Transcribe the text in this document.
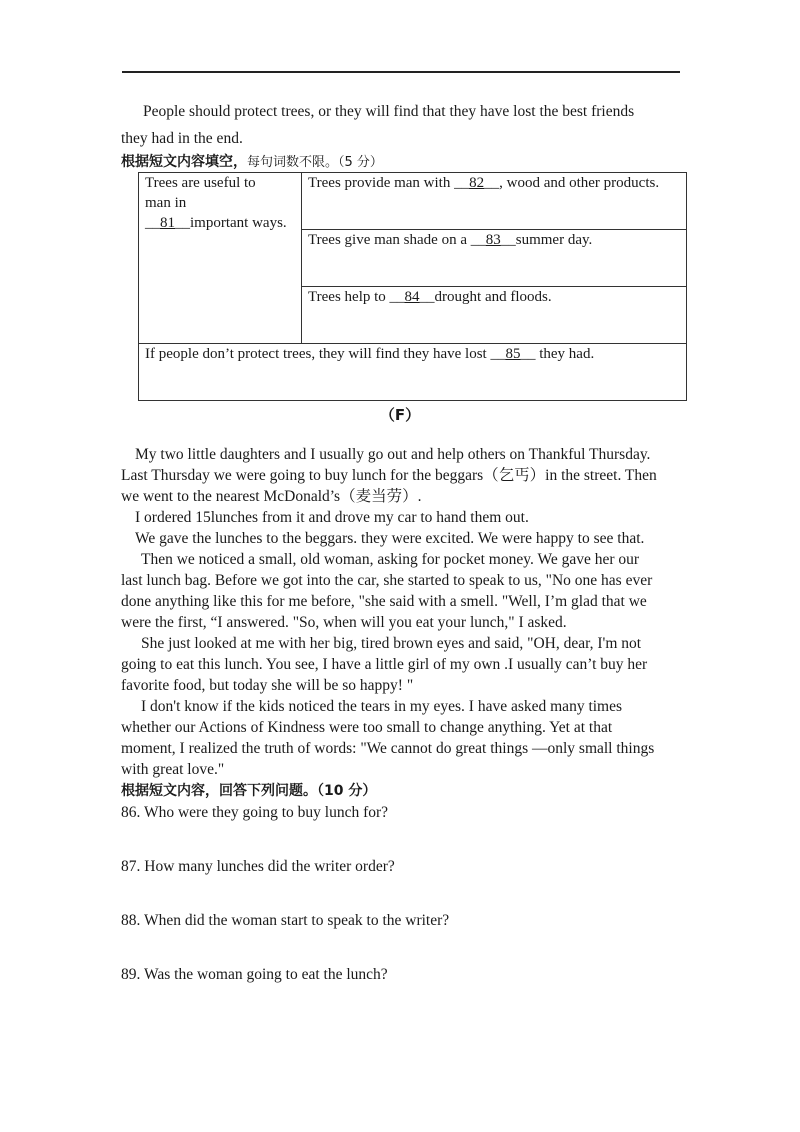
People should protect trees, or they will find that they have lost the best friends
they had in the end.
根据短文内容填空，每句词数不限。（5 分）
Trees are useful to
man in
__81__important ways.	Trees provide man with __82__, wood and other products.
Trees give man shade on a __83__summer day.
Trees help to __84__drought and floods.
If people don’t protect trees, they will find they have lost __85__ they had.
（F）
My two little daughters and I usually go out and help others on Thankful Thursday.
Last Thursday we were going to buy lunch for the beggars（乞丐）in the street. Then
we went to the nearest McDonald’s（麦当劳）.
I ordered 15lunches from it and drove my car to hand them out.
We gave the lunches to the beggars. they were excited. We were happy to see that.
Then we noticed a small, old woman, asking for pocket money. We gave her our
last lunch bag. Before we got into the car, she started to speak to us, "No one has ever
done anything like this for me before, "she said with a smell. "Well, I’m glad that we
were the first, “I answered. "So, when will you eat your lunch," I asked.
She just looked at me with her big, tired brown eyes and said, "OH, dear, I'm not
going to eat this lunch. You see, I have a little girl of my own .I usually can’t buy her
favorite food, but today she will be so happy! "
I don't know if the kids noticed the tears in my eyes. I have asked many times
whether our Actions of Kindness were too small to change anything. Yet at that
moment, I realized the truth of words: "We cannot do great things —only small things
with great love."
根据短文内容，回答下列问题。（10 分）
86. Who were they going to buy lunch for?
87. How many lunches did the writer order?
88. When did the woman start to speak to the writer?
89. Was the woman going to eat the lunch?
